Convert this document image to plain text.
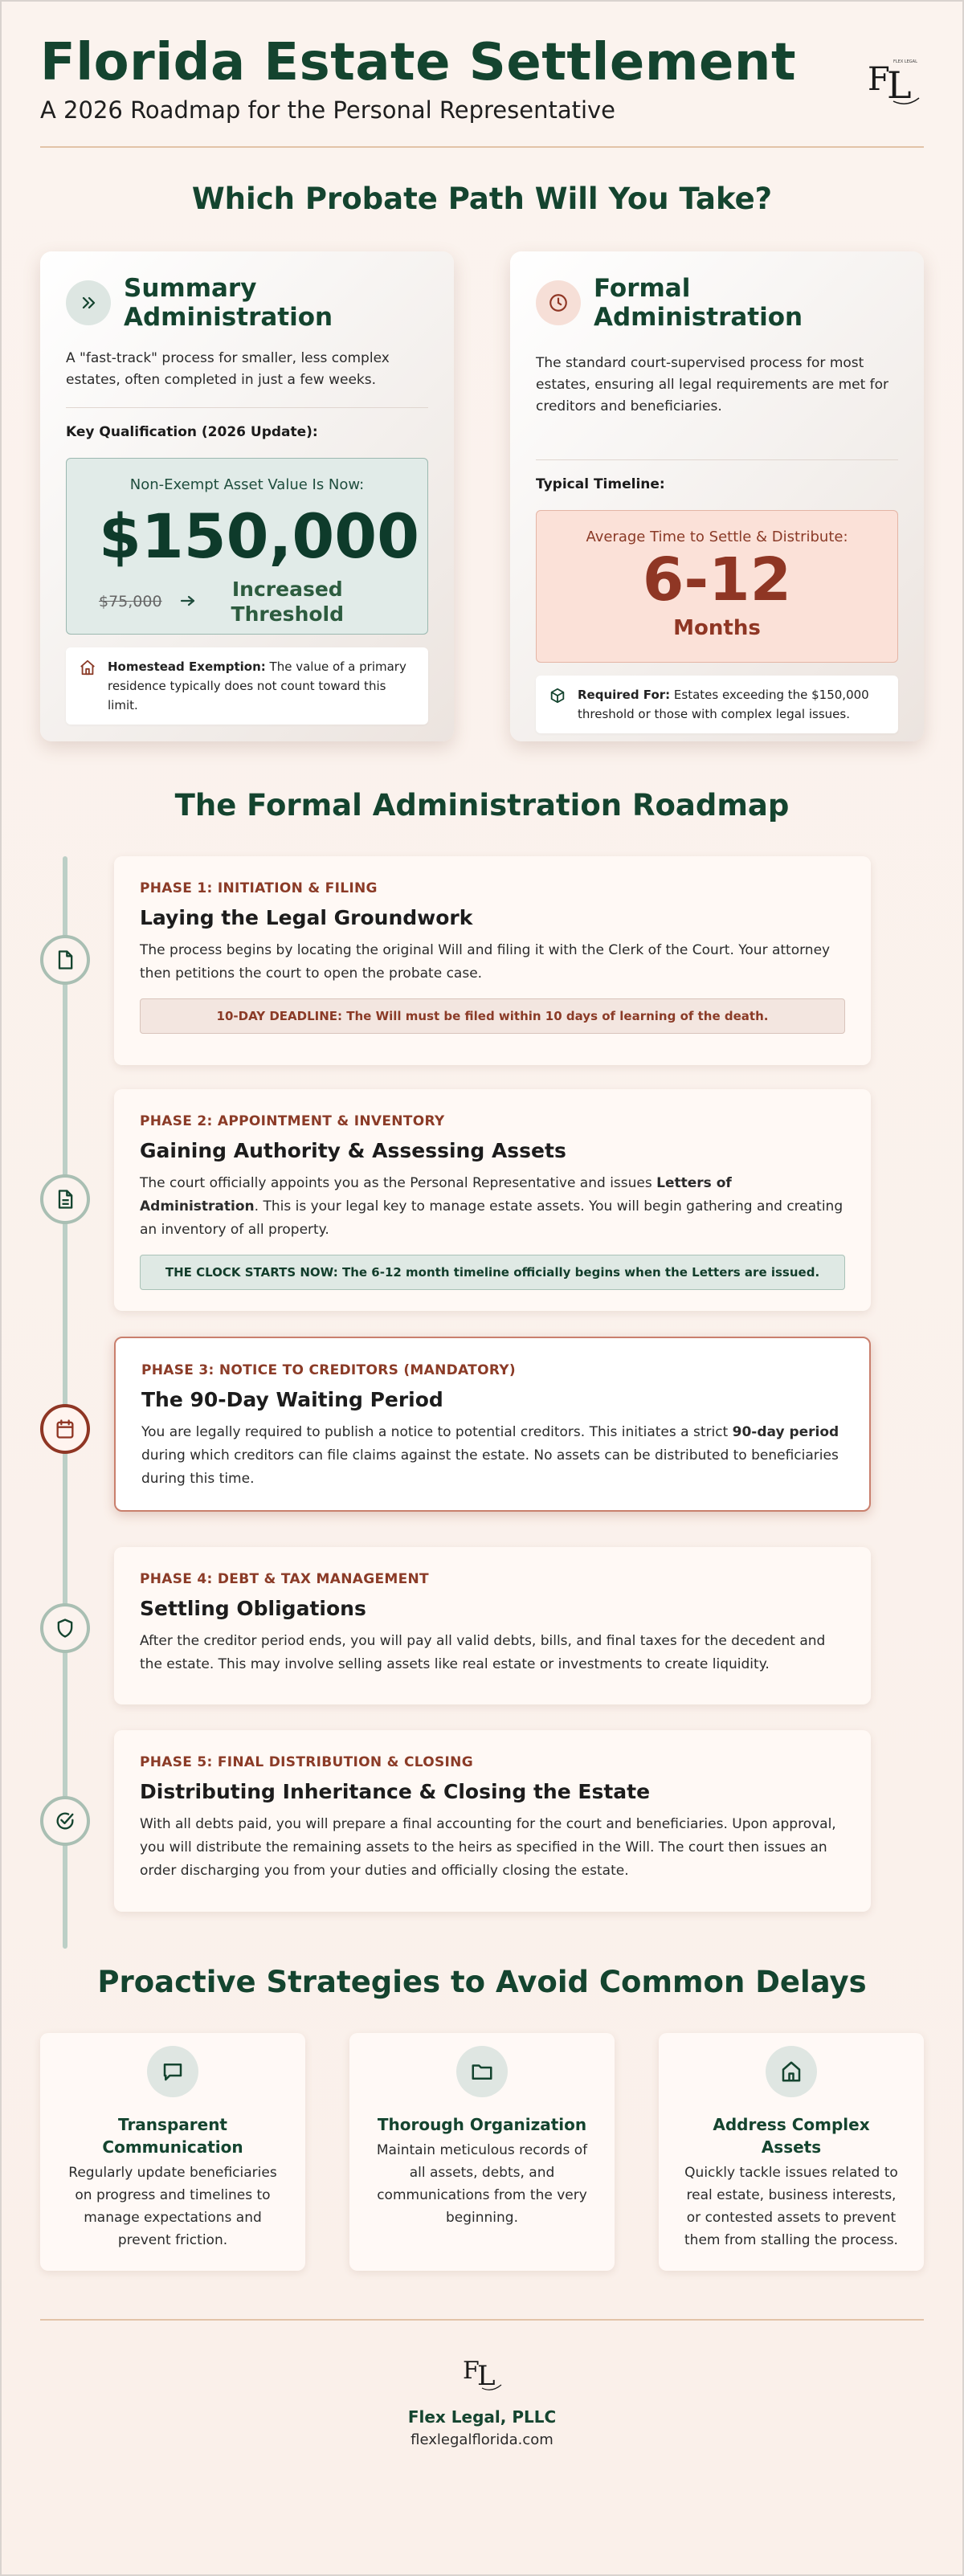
Florida Estate Settlement
A 2026 Roadmap for the Personal Representative
F
L
FLEX LEGAL
Which Probate Path Will You Take?
Summary Administration
A "fast-track" process for smaller, less complex estates, often completed in just a few weeks.
Key Qualification (2026 Update):
Non-Exempt Asset Value Is Now:
$150,000
$75,000
Increased Threshold
Homestead Exemption: The value of a primary residence typically does not count toward this limit.
Formal Administration
The standard court-supervised process for most estates, ensuring all legal requirements are met for creditors and beneficiaries.
Typical Timeline:
Average Time to Settle & Distribute:
6-12
Months
Required For: Estates exceeding the $150,000 threshold or those with complex legal issues.
The Formal Administration Roadmap
PHASE 1: INITIATION & FILING
Laying the Legal Groundwork
The process begins by locating the original Will and filing it with the Clerk of the Court. Your attorney then petitions the court to open the probate case.
10-DAY DEADLINE: The Will must be filed within 10 days of learning of the death.
PHASE 2: APPOINTMENT & INVENTORY
Gaining Authority & Assessing Assets
The court officially appoints you as the Personal Representative and issues Letters of Administration. This is your legal key to manage estate assets. You will begin gathering and creating an inventory of all property.
THE CLOCK STARTS NOW: The 6-12 month timeline officially begins when the Letters are issued.
PHASE 3: NOTICE TO CREDITORS (MANDATORY)
The 90-Day Waiting Period
You are legally required to publish a notice to potential creditors. This initiates a strict 90-day period during which creditors can file claims against the estate. No assets can be distributed to beneficiaries during this time.
PHASE 4: DEBT & TAX MANAGEMENT
Settling Obligations
After the creditor period ends, you will pay all valid debts, bills, and final taxes for the decedent and the estate. This may involve selling assets like real estate or investments to create liquidity.
PHASE 5: FINAL DISTRIBUTION & CLOSING
Distributing Inheritance & Closing the Estate
With all debts paid, you will prepare a final accounting for the court and beneficiaries. Upon approval, you will distribute the remaining assets to the heirs as specified in the Will. The court then issues an order discharging you from your duties and officially closing the estate.
Proactive Strategies to Avoid Common Delays
Transparent Communication
Regularly update beneficiaries on progress and timelines to manage expectations and prevent friction.
Thorough Organization
Maintain meticulous records of all assets, debts, and communications from the very beginning.
Address Complex Assets
Quickly tackle issues related to real estate, business interests, or contested assets to prevent them from stalling the process.
F
L
Flex Legal, PLLC
flexlegalflorida.com
